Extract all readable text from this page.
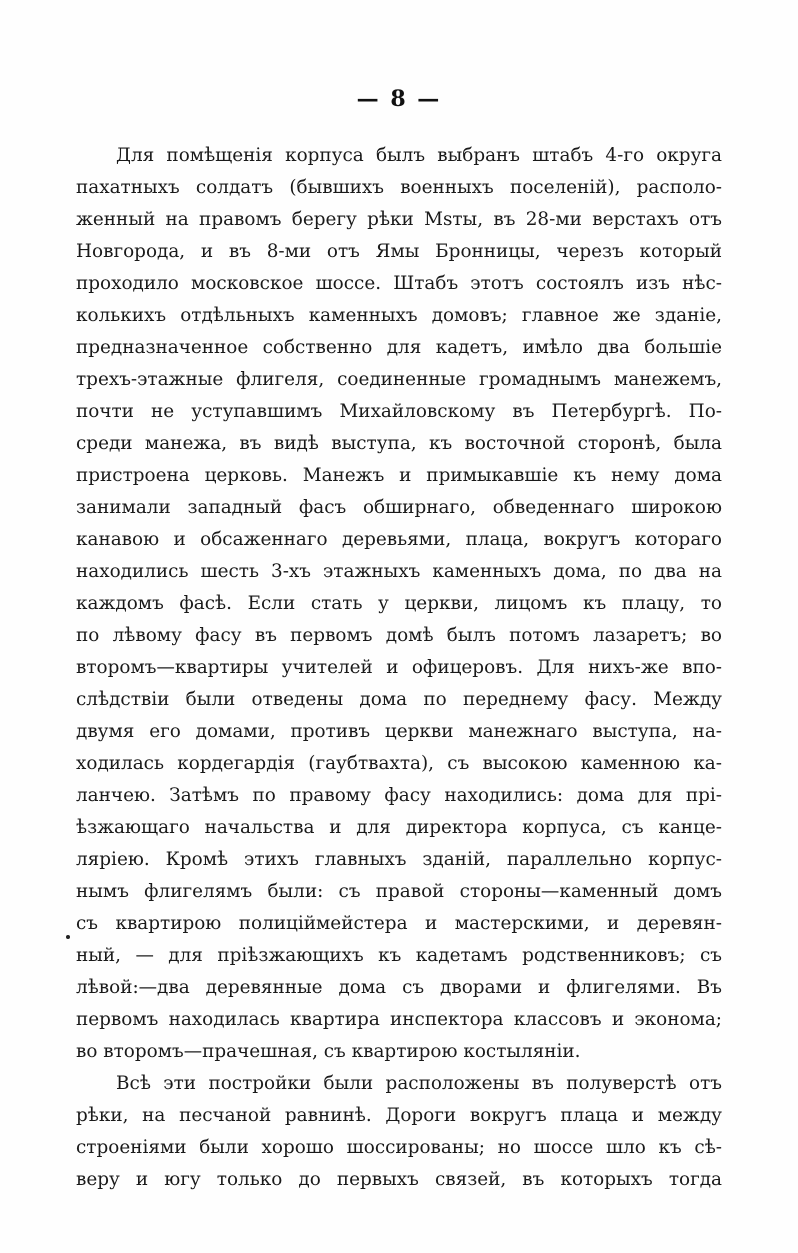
— 8 —
Для помѣщенія корпуса былъ выбранъ штабъ 4-го округа
пахатныхъ солдатъ (бывшихъ военныхъ поселеній), располо-
женный на правомъ берегу рѣки Msты, въ 28-ми верстахъ отъ
Новгорода, и въ 8-ми отъ Ямы Бронницы, черезъ который
проходило московское шоссе. Штабъ этотъ состоялъ изъ нѣс-
колькихъ отдѣльныхъ каменныхъ домовъ; главное же зданіе,
предназначенное собственно для кадетъ, имѣло два большіе
трехъ-этажные флигеля, соединенные громаднымъ манежемъ,
почти не уступавшимъ Михайловскому въ Петербургѣ. По-
среди манежа, въ видѣ выступа, къ восточной сторонѣ, была
пристроена церковь. Манежъ и примыкавшіе къ нему дома
занимали западный фасъ обширнаго, обведеннаго широкою
канавою и обсаженнаго деревьями, плаца, вокругъ котораго
находились шесть 3-хъ этажныхъ каменныхъ дома, по два на
каждомъ фасѣ. Если стать у церкви, лицомъ къ плацу, то
по лѣвому фасу въ первомъ домѣ былъ потомъ лазаретъ; во
второмъ—квартиры учителей и офицеровъ. Для нихъ-же впо-
слѣдствіи были отведены дома по переднему фасу. Между
двумя его домами, противъ церкви манежнаго выступа, на-
ходилась кордегардія (гаубтвахта), съ высокою каменною ка-
ланчею. Затѣмъ по правому фасу находились: дома для прі-
ѣзжающаго начальства и для директора корпуса, съ канце-
ляріею. Кромѣ этихъ главныхъ зданій, параллельно корпус-
нымъ флигелямъ были: съ правой стороны—каменный домъ
съ квартирою полиціймейстера и мастерскими, и деревян-
ный, — для пріѣзжающихъ къ кадетамъ родственниковъ; съ
лѣвой:—два деревянные дома съ дворами и флигелями. Въ
первомъ находилась квартира инспектора классовъ и эконома;
во второмъ—прачешная, съ квартирою костыляніи.
Всѣ эти постройки были расположены въ полуверстѣ отъ
рѣки, на песчаной равнинѣ. Дороги вокругъ плаца и между
строеніями были хорошо шоссированы; но шоссе шло къ сѣ-
веру и югу только до первыхъ связей, въ которыхъ тогда
